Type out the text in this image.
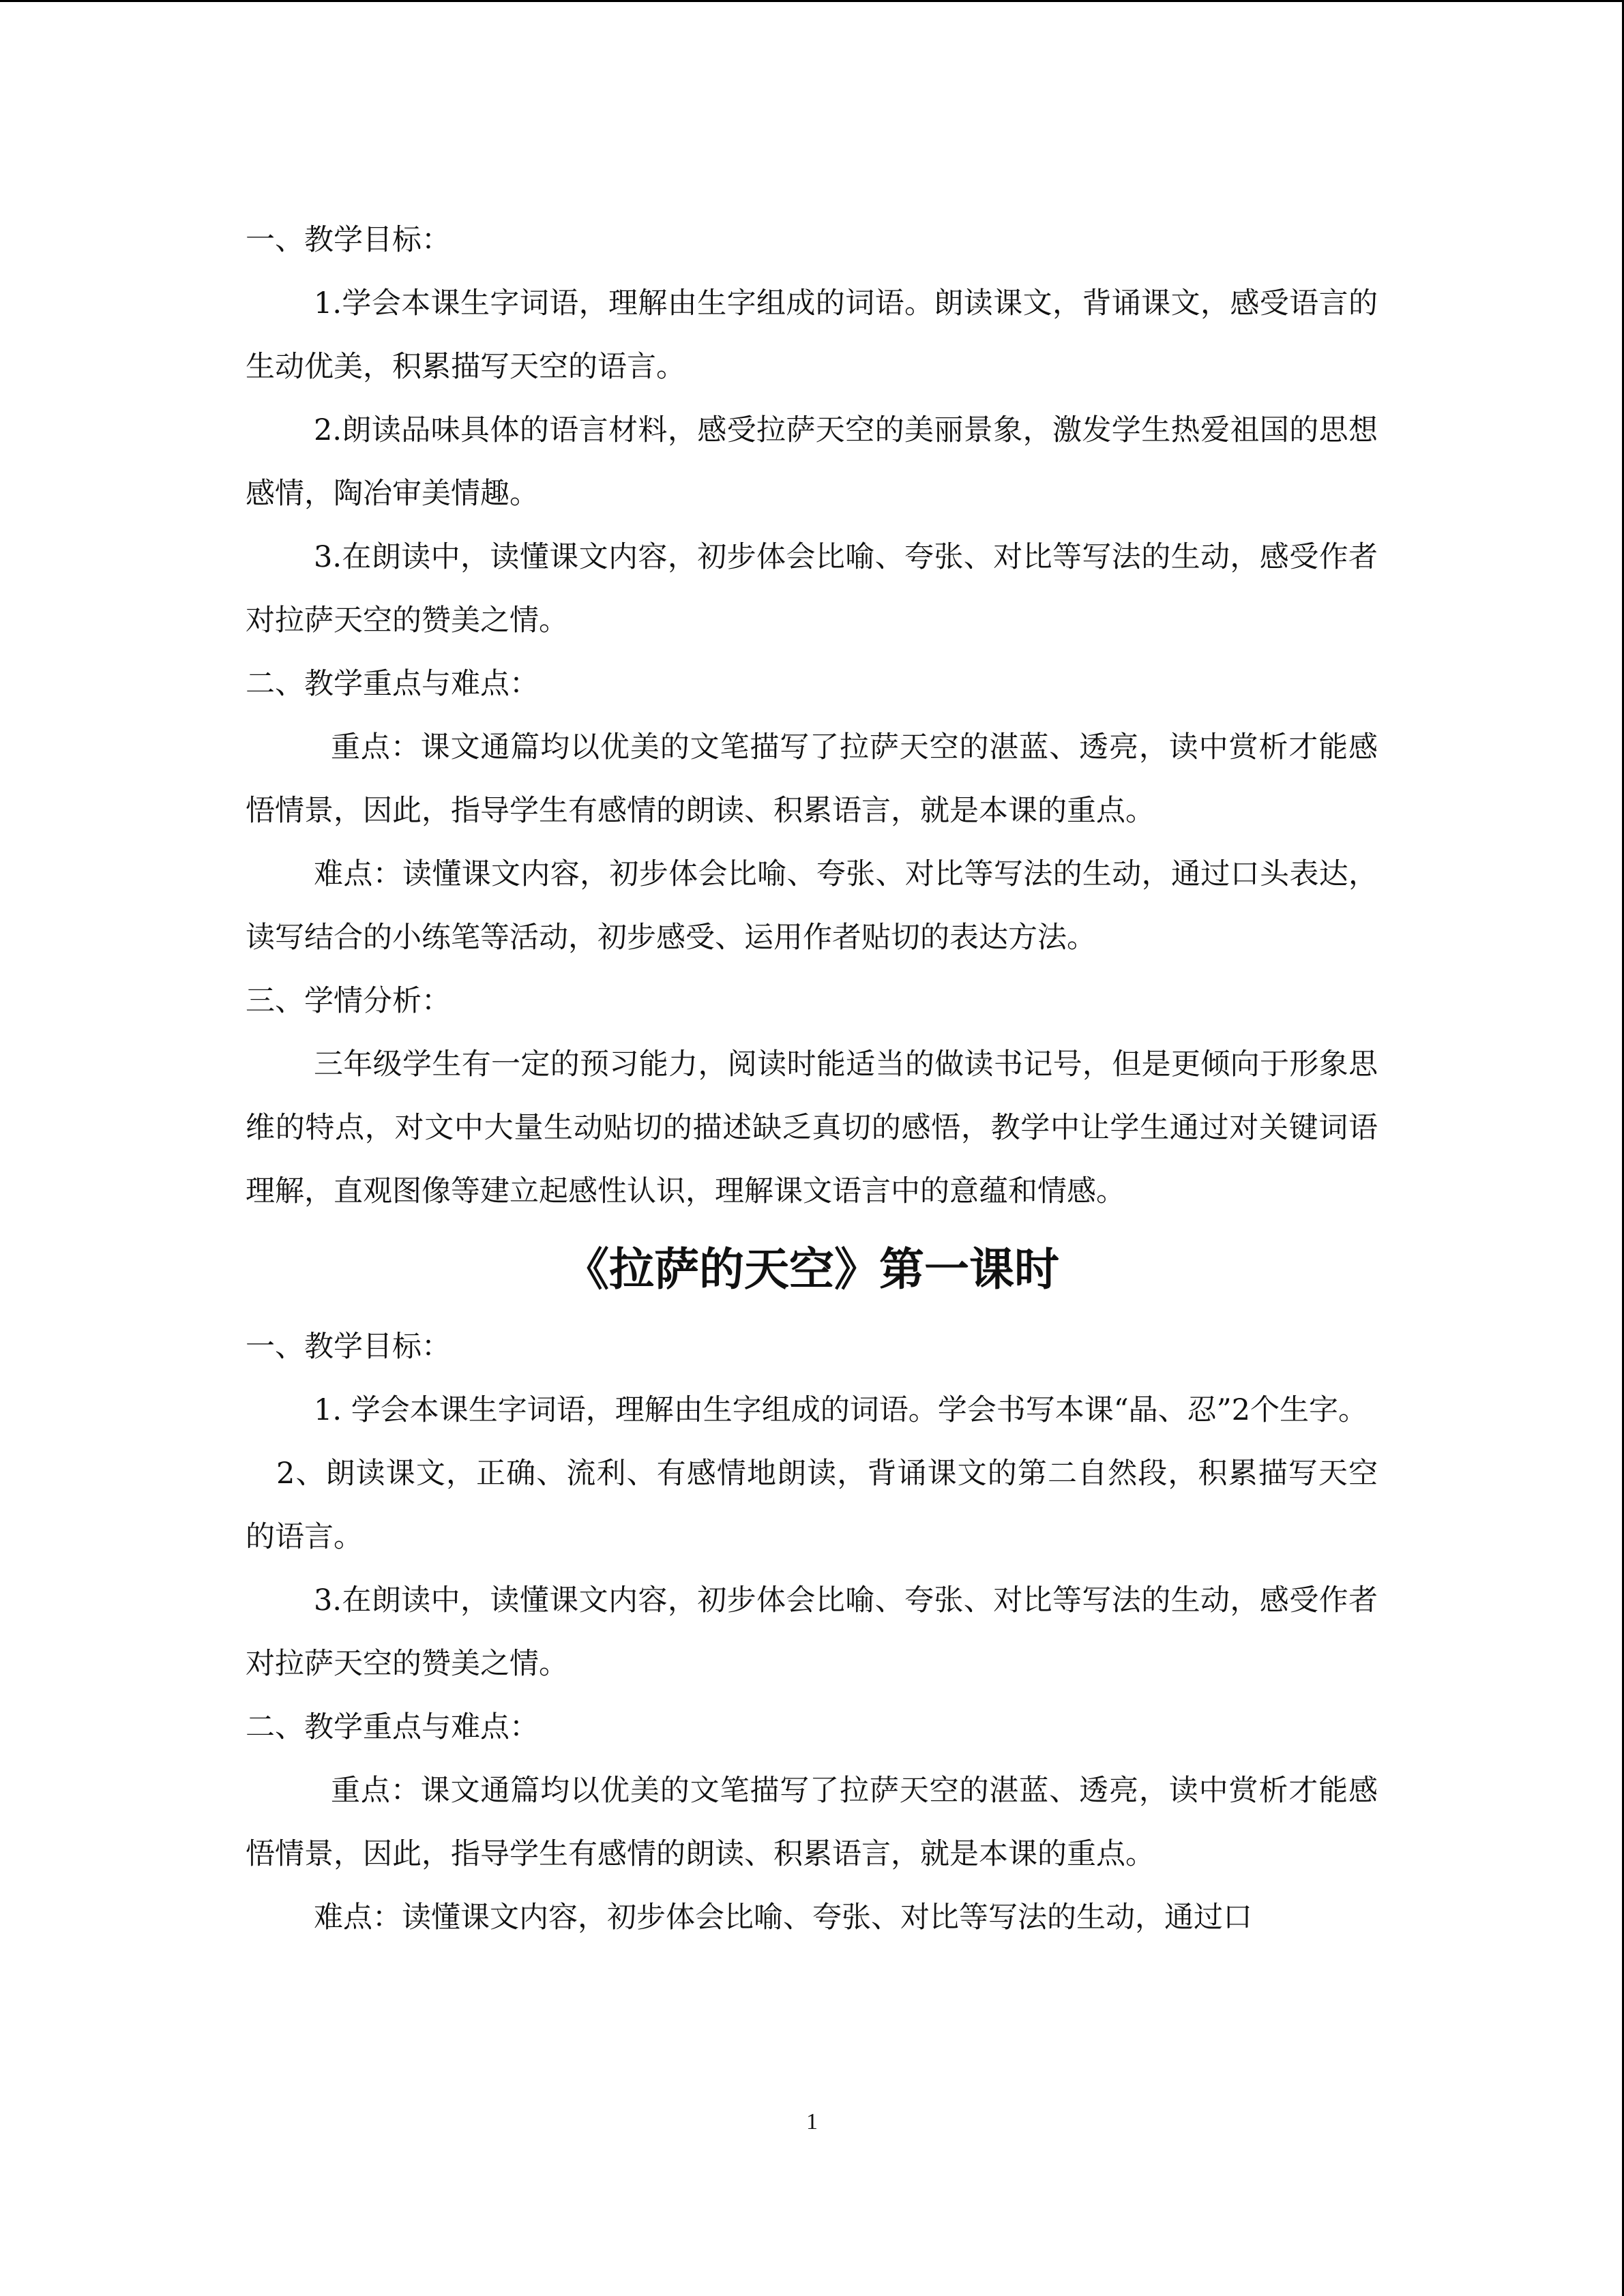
一、教学目标：

1.学会本课生字词语，理解由生字组成的词语。朗读课文，背诵课文，感受语言的生动优美，积累描写天空的语言。

2.朗读品味具体的语言材料，感受拉萨天空的美丽景象，激发学生热爱祖国的思想感情，陶冶审美情趣。

3.在朗读中，读懂课文内容，初步体会比喻、夸张、对比等写法的生动，感受作者对拉萨天空的赞美之情。

二、教学重点与难点：

重点：课文通篇均以优美的文笔描写了拉萨天空的湛蓝、透亮，读中赏析才能感悟情景，因此，指导学生有感情的朗读、积累语言，就是本课的重点。

难点：读懂课文内容，初步体会比喻、夸张、对比等写法的生动，通过口头表达，读写结合的小练笔等活动，初步感受、运用作者贴切的表达方法。

三、学情分析：

三年级学生有一定的预习能力，阅读时能适当的做读书记号，但是更倾向于形象思维的特点，对文中大量生动贴切的描述缺乏真切的感悟，教学中让学生通过对关键词语理解，直观图像等建立起感性认识，理解课文语言中的意蕴和情感。

《拉萨的天空》第一课时

一、教学目标：

1. 学会本课生字词语，理解由生字组成的词语。学会书写本课“晶、忍”2个生字。

2、朗读课文，正确、流利、有感情地朗读，背诵课文的第二自然段，积累描写天空的语言。

3.在朗读中，读懂课文内容，初步体会比喻、夸张、对比等写法的生动，感受作者对拉萨天空的赞美之情。

二、教学重点与难点：

重点：课文通篇均以优美的文笔描写了拉萨天空的湛蓝、透亮，读中赏析才能感悟情景，因此，指导学生有感情的朗读、积累语言，就是本课的重点。

难点：读懂课文内容，初步体会比喻、夸张、对比等写法的生动，通过口

1
